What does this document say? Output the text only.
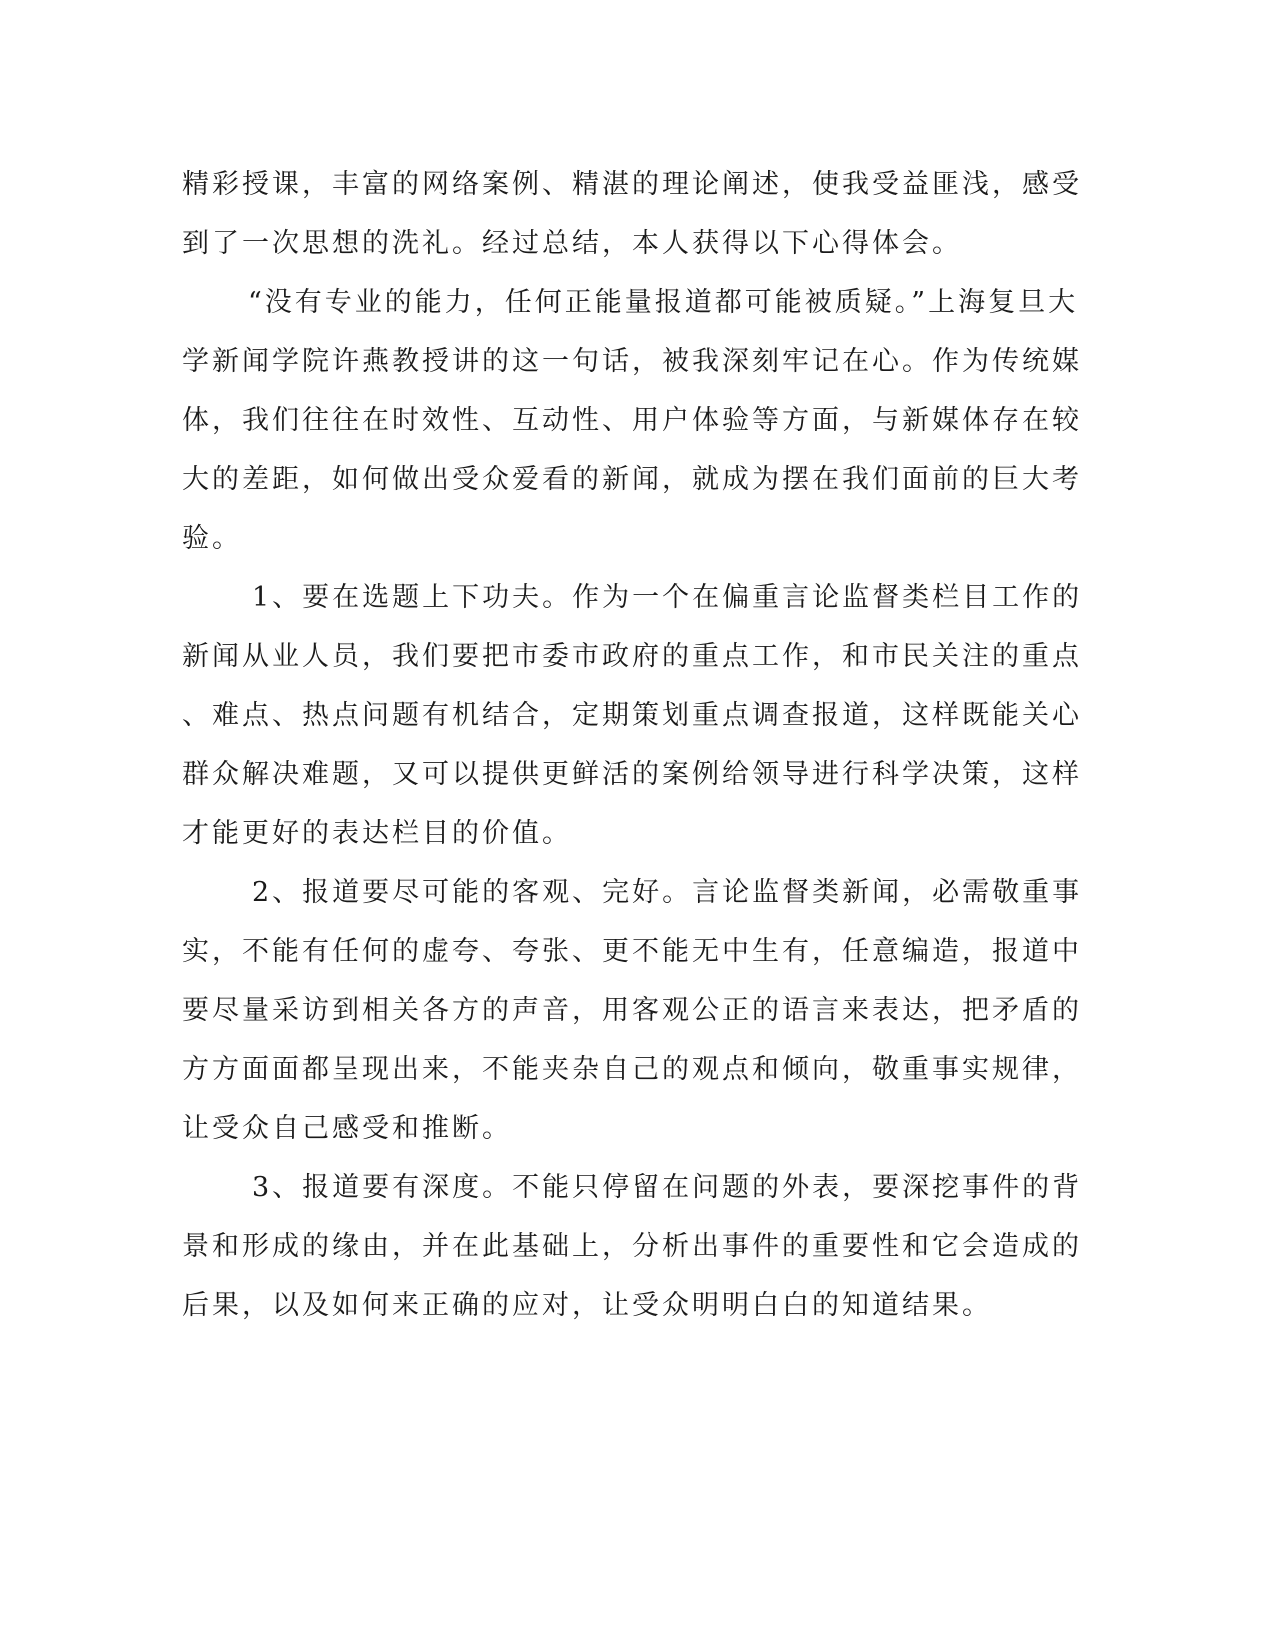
精彩授课，丰富的网络案例、精湛的理论阐述，使我受益匪浅，感受
到了一次思想的洗礼。经过总结，本人获得以下心得体会。

“没有专业的能力，任何正能量报道都可能被质疑。”上海复旦大
学新闻学院许燕教授讲的这一句话，被我深刻牢记在心。作为传统媒
体，我们往往在时效性、互动性、用户体验等方面，与新媒体存在较
大的差距，如何做出受众爱看的新闻，就成为摆在我们面前的巨大考
验。

1、要在选题上下功夫。作为一个在偏重言论监督类栏目工作的
新闻从业人员，我们要把市委市政府的重点工作，和市民关注的重点
、难点、热点问题有机结合，定期策划重点调查报道，这样既能关心
群众解决难题，又可以提供更鲜活的案例给领导进行科学决策，这样
才能更好的表达栏目的价值。

2、报道要尽可能的客观、完好。言论监督类新闻，必需敬重事
实，不能有任何的虚夸、夸张、更不能无中生有，任意编造，报道中
要尽量采访到相关各方的声音，用客观公正的语言来表达，把矛盾的
方方面面都呈现出来，不能夹杂自己的观点和倾向，敬重事实规律，
让受众自己感受和推断。

3、报道要有深度。不能只停留在问题的外表，要深挖事件的背
景和形成的缘由，并在此基础上，分析出事件的重要性和它会造成的
后果，以及如何来正确的应对，让受众明明白白的知道结果。
